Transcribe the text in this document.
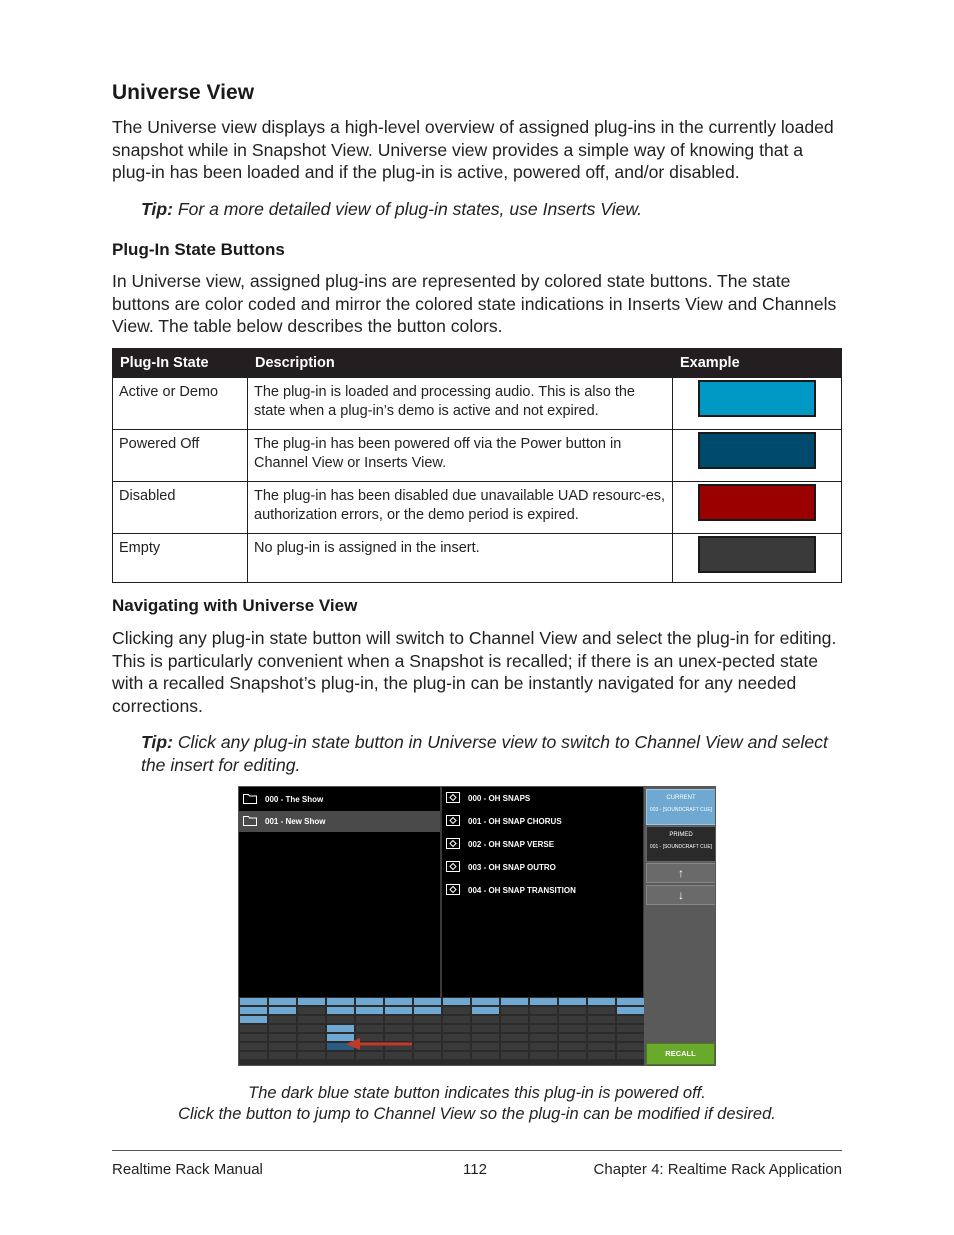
Universe View

The Universe view displays a high-level overview of assigned plug-ins in the currently loaded snapshot while in Snapshot View. Universe view provides a simple way of knowing that a plug-in has been loaded and if the plug-in is active, powered off, and/or disabled.

Tip: For a more detailed view of plug-in states, use Inserts View.

Plug-In State Buttons

In Universe view, assigned plug-ins are represented by colored state buttons. The state buttons are color coded and mirror the colored state indications in Inserts View and Channels View. The table below describes the button colors.

Plug-In State	Description	Example
Active or Demo	The plug-in is loaded and processing audio. This is also the state when a plug-in’s demo is active and not expired.	

Powered Off	The plug-in has been powered off via the Power button in Channel View or Inserts View.	

Disabled	The plug-in has been disabled due unavailable UAD resourc-es, authorization errors, or the demo period is expired.	

Empty	No plug-in is assigned in the insert.	
Navigating with Universe View

Clicking any plug-in state button will switch to Channel View and select the plug-in for editing. This is particularly convenient when a Snapshot is recalled; if there is an unex-pected state with a recalled Snapshot’s plug-in, the plug-in can be instantly navigated for any needed corrections.

Tip: Click any plug-in state button in Universe view to switch to Channel View and select the insert for editing.

000 - The Show
001 - New Show
000 - OH SNAPS
001 - OH SNAP CHORUS
002 - OH SNAP VERSE
003 - OH SNAP OUTRO
004 - OH SNAP TRANSITION
CURRENT
003 - [SOUNDCRAFT CUE]
PRIMED
001 - [SOUNDCRAFT CUE]
↑
↓
RECALL

The dark blue state button indicates this plug-in is powered off.

Click the button to jump to Channel View so the plug-in can be modified if desired.

Realtime Rack Manual	112	Chapter 4: Realtime Rack Application
